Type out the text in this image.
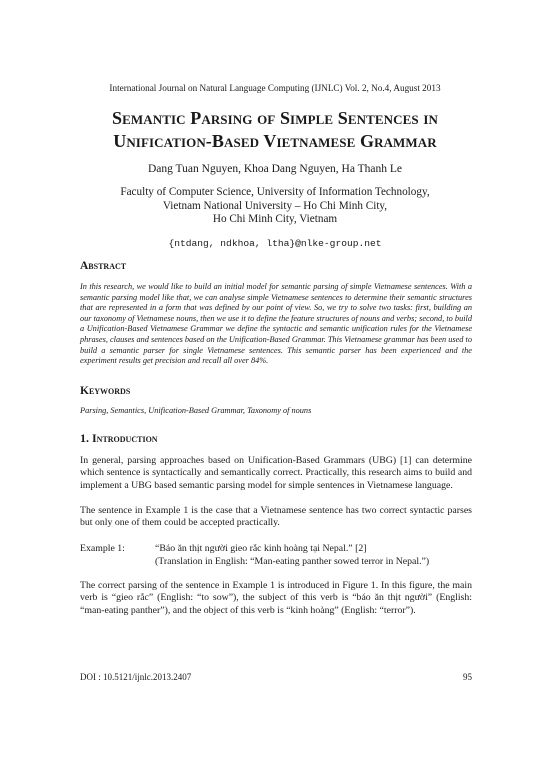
International Journal on Natural Language Computing (IJNLC) Vol. 2, No.4, August 2013
Semantic Parsing of Simple Sentences in
Unification-Based Vietnamese Grammar
Dang Tuan Nguyen, Khoa Dang Nguyen, Ha Thanh Le
Faculty of Computer Science, University of Information Technology,
Vietnam National University – Ho Chi Minh City,
Ho Chi Minh City, Vietnam
{ntdang, ndkhoa, ltha}@nlke-group.net
Abstract
In this research, we would like to build an initial model for semantic parsing of simple Vietnamese sentences. With a semantic parsing model like that, we can analyse simple Vietnamese sentences to determine their semantic structures that are represented in a form that was defined by our point of view. So, we try to solve two tasks: first, building an our taxonomy of Vietnamese nouns, then we use it to define the feature structures of nouns and verbs; second, to build a Unification-Based Vietnamese Grammar we define the syntactic and semantic unification rules for the Vietnamese phrases, clauses and sentences based on the Unification-Based Grammar. This Vietnamese grammar has been used to build a semantic parser for single Vietnamese sentences. This semantic parser has been experienced and the experiment results get precision and recall all over 84%.
Keywords
Parsing, Semantics, Unification-Based Grammar, Taxonomy of nouns
1. Introduction
In general, parsing approaches based on Unification-Based Grammars (UBG) [1] can determine which sentence is syntactically and semantically correct. Practically, this research aims to build and implement a UBG based semantic parsing model for simple sentences in Vietnamese language.
The sentence in Example 1 is the case that a Vietnamese sentence has two correct syntactic parses but only one of them could be accepted practically.
Example 1:	“Báo ăn thịt người gieo rắc kinh hoàng tại Nepal.” [2]
(Translation in English: “Man-eating panther sowed terror in Nepal.”)
The correct parsing of the sentence in Example 1 is introduced in Figure 1. In this figure, the main verb is “gieo rắc” (English: “to sow”), the subject of this verb is “báo ăn thịt người” (English: “man-eating panther”), and the object of this verb is “kinh hoàng” (English: “terror”).
DOI : 10.5121/ijnlc.2013.2407	95
